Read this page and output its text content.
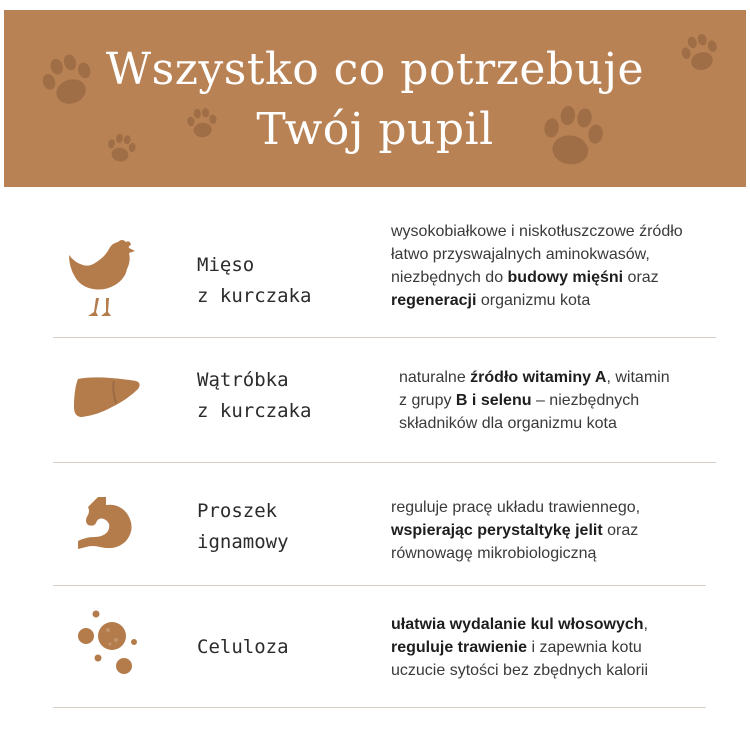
Wszystko co potrzebuje
Twój pupil
Mięso
z kurczaka
wysokobiałkowe i niskotłuszczowe źródło
łatwo przyswajalnych aminokwasów,
niezbędnych do budowy mięśni oraz
regeneracji organizmu kota
Wątróbka
z kurczaka
naturalne źródło witaminy A, witamin
z grupy B i selenu – niezbędnych
składników dla organizmu kota
Proszek
ignamowy
reguluje pracę układu trawiennego,
wspierając perystaltykę jelit oraz
równowagę mikrobiologiczną
Celuloza
ułatwia wydalanie kul włosowych,
reguluje trawienie i zapewnia kotu
uczucie sytości bez zbędnych kalorii
